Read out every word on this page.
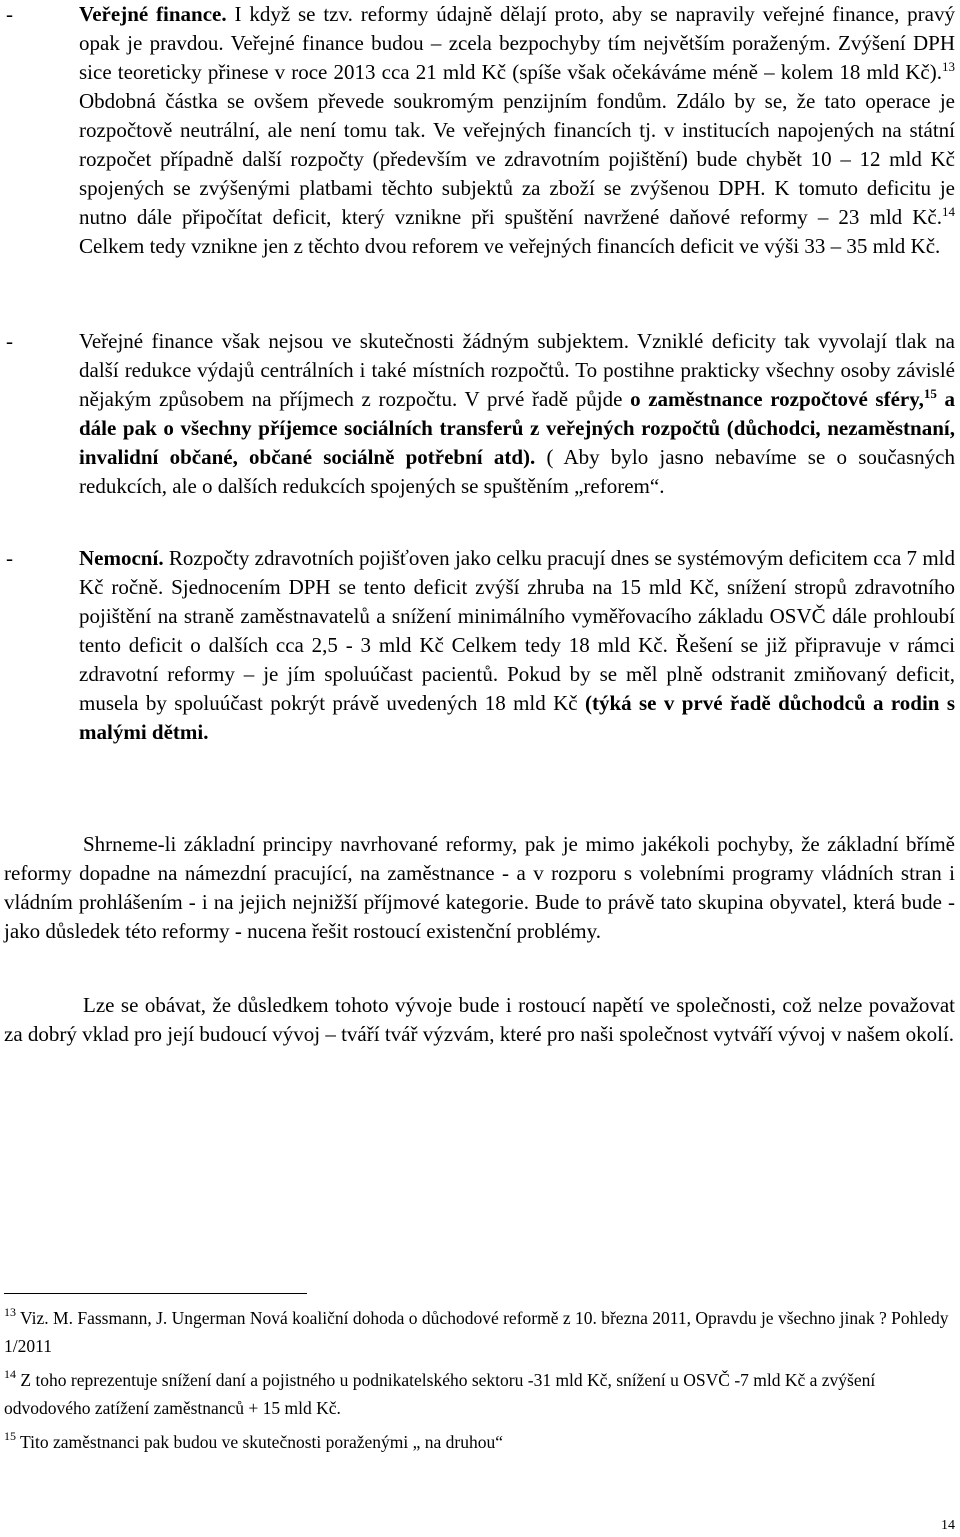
-	Veřejné finance. I když se tzv. reformy údajně dělají proto, aby se napravily veřejné finance, pravý opak je pravdou. Veřejné finance budou – zcela bezpochyby tím největším poraženým. Zvýšení DPH sice teoreticky přinese v roce 2013 cca 21 mld Kč (spíše však očekáváme méně – kolem 18 mld Kč).$^{13}$ Obdobná částka se ovšem převede soukromým penzijním fondům. Zdálo by se, že tato operace je rozpočtově neutrální, ale není tomu tak. Ve veřejných financích tj. v institucích napojených na státní rozpočet případně další rozpočty (především ve zdravotním pojištění) bude chybět 10 – 12 mld Kč spojených se zvýšenými platbami těchto subjektů za zboží se zvýšenou DPH. K tomuto deficitu je nutno dále připočítat deficit, který vznikne při spuštění navržené daňové reformy – 23 mld Kč.$^{14}$ Celkem tedy vznikne jen z těchto dvou reforem ve veřejných financích deficit ve výši 33 – 35 mld Kč.
-	Veřejné finance však nejsou ve skutečnosti žádným subjektem. Vzniklé deficity tak vyvolají tlak na další redukce výdajů centrálních i také místních rozpočtů. To postihne prakticky všechny osoby závislé nějakým způsobem na příjmech z rozpočtu. V prvé řadě půjde o zaměstnance rozpočtové sféry,$^{15}$ a dále pak o všechny příjemce sociálních transferů z veřejných rozpočtů (důchodci, nezaměstnaní, invalidní občané, občané sociálně potřební atd). ( Aby bylo jasno nebavíme se o současných redukcích, ale o dalších redukcích spojených se spuštěním „reforem“.
-	Nemocní. Rozpočty zdravotních pojišťoven jako celku pracují dnes se systémovým deficitem cca 7 mld Kč ročně. Sjednocením DPH se tento deficit zvýší zhruba na 15 mld Kč, snížení stropů zdravotního pojištění na straně zaměstnavatelů a snížení minimálního vyměřovacího základu OSVČ dále prohloubí tento deficit o dalších cca 2,5 - 3 mld Kč Celkem tedy 18 mld Kč. Řešení se již připravuje v rámci zdravotní reformy – je jím spoluúčast pacientů. Pokud by se měl plně odstranit zmiňovaný deficit, musela by spoluúčast pokrýt právě uvedených 18 mld Kč (týká se v prvé řadě důchodců a rodin s malými dětmi.
Shrneme-li základní principy navrhované reformy, pak je mimo jakékoli pochyby, že základní břímě reformy dopadne na námezdní pracující, na zaměstnance - a v rozporu s volebními programy vládních stran i vládním prohlášením - i na jejich nejnižší příjmové kategorie. Bude to právě tato skupina obyvatel, která bude - jako důsledek této reformy - nucena řešit rostoucí existenční problémy.
Lze se obávat, že důsledkem tohoto vývoje bude i rostoucí napětí ve společnosti, což nelze považovat za dobrý vklad pro její budoucí vývoj – tváří tvář výzvám, které pro naši společnost vytváří vývoj v našem okolí.
$^{13}$ Viz. M. Fassmann, J. Ungerman Nová koaliční dohoda o důchodové reformě z 10. března 2011, Opravdu je všechno jinak ? Pohledy 1/2011
$^{14}$ Z toho reprezentuje snížení daní a pojistného u podnikatelského sektoru -31 mld Kč, snížení u OSVČ -7 mld Kč a zvýšení odvodového zatížení zaměstnanců + 15 mld Kč.
$^{15}$ Tito zaměstnanci pak budou ve skutečnosti poraženými „ na druhou“
14
